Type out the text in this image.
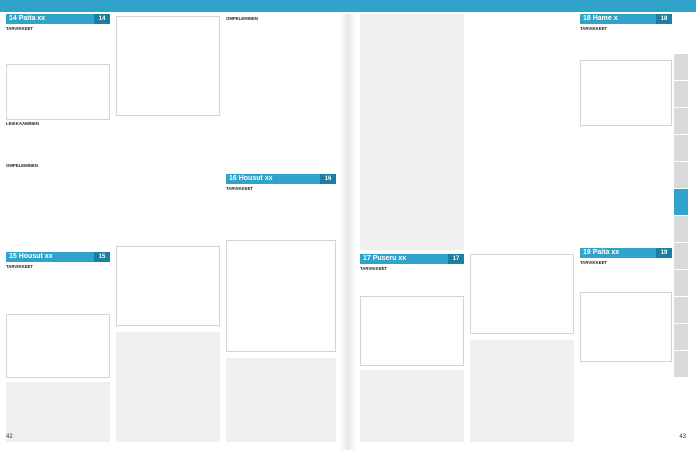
14 Paita xx	14
TARVIKKEET
LEIKKAAMINEN
OMPELEMINEN
15 Housut xx	15
TARVIKKEET
OMPELEMINEN
16 Housut xx	16
TARVIKKEET
42
17 Puseru xx	17
TARVIKKEET
18 Hame x	18
TARVIKKEET
19 Paita xx	19
TARVIKKEET
43
